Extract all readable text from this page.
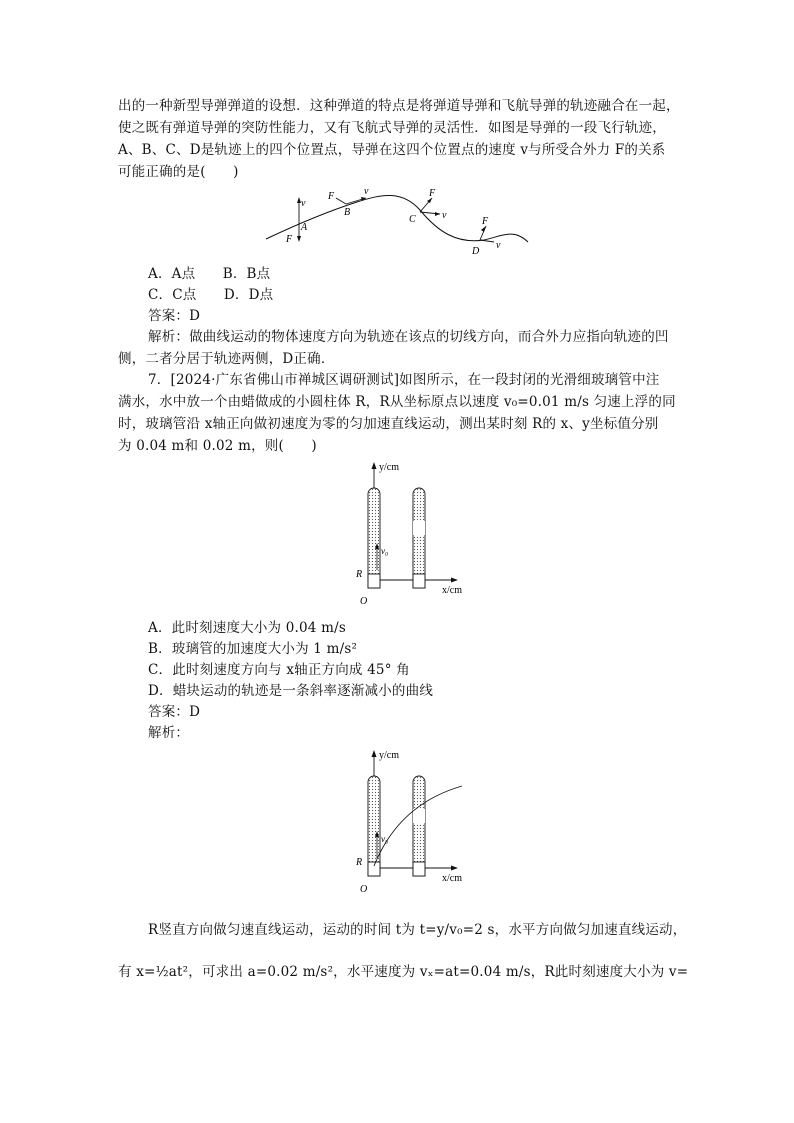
出的一种新型导弹弹道的设想．这种弹道的特点是将弹道导弹和飞航导弹的轨迹融合在一起，
使之既有弹道导弹的突防性能力，又有飞航式导弹的灵活性．如图是导弹的一段飞行轨迹，
A、B、C、D是轨迹上的四个位置点，导弹在这四个位置点的速度 v与所受合外力 F的关系
可能正确的是(　　)
v
A
F
F	v
B
F
v
C	F
v
D
A．A点　　B．B点
C．C点　　D．D点
答案：D
解析：做曲线运动的物体速度方向为轨迹在该点的切线方向，而合外力应指向轨迹的凹
侧，二者分居于轨迹两侧，D正确．
7．[2024·广东省佛山市禅城区调研测试]如图所示，在一段封闭的光滑细玻璃管中注
满水，水中放一个由蜡做成的小圆柱体 R，R从坐标原点以速度 v₀=0.01 m/s 匀速上浮的同
时，玻璃管沿 x轴正向做初速度为零的匀加速直线运动，测出某时刻 R的 x、y坐标值分别
为 0.04 m和 0.02 m，则(　　)
y/cm
x/cm
v₀
R
O
A．此时刻速度大小为 0.04 m/s
B．玻璃管的加速度大小为 1 m/s²
C．此时刻速度方向与 x轴正方向成 45° 角
D．蜡块运动的轨迹是一条斜率逐渐减小的曲线
答案：D
解析：
y/cm
x/cm
v₀
R
O
R竖直方向做匀速直线运动，运动的时间 t为 t=y/v₀=2 s，水平方向做匀加速直线运动，
有 x=½at²，可求出 a=0.02 m/s²，水平速度为 vₓ=at=0.04 m/s，R此时刻速度大小为 v=
